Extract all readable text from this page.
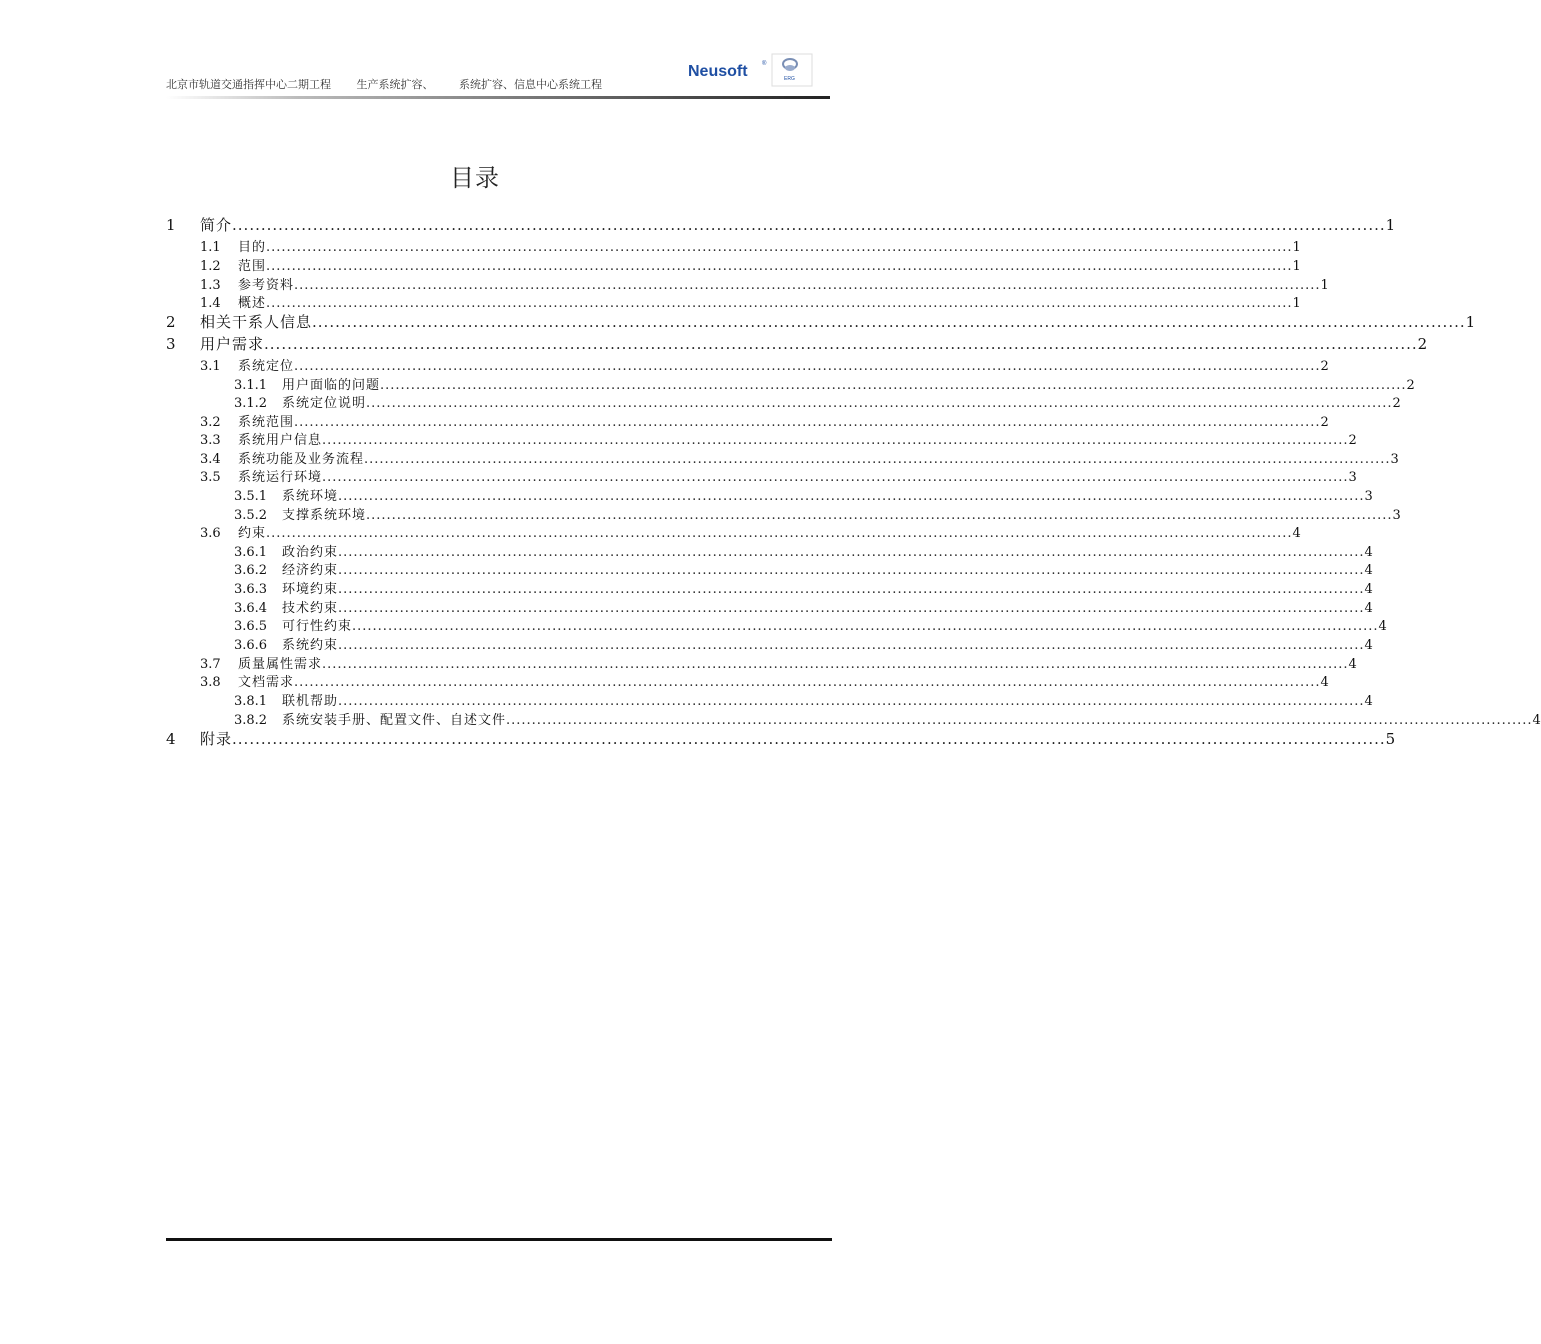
北京市轨道交通指挥中心二期工程 生产系统扩容、 系统扩容、信息中心系统工程
Neusoft ®
ERG
目录
1	简介 ........................................................................................................................................................................................................ 1
1.1	目的 ........................................................................................................................................................................................................ 1
1.2	范围 ........................................................................................................................................................................................................ 1
1.3	参考资料 ........................................................................................................................................................................................................ 1
1.4	概述 ........................................................................................................................................................................................................ 1
2	相关干系人信息 ........................................................................................................................................................................................................ 1
3	用户需求 ........................................................................................................................................................................................................ 2
3.1	系统定位 ........................................................................................................................................................................................................ 2
3.1.1	用户面临的问题 ........................................................................................................................................................................................................ 2
3.1.2	系统定位说明 ........................................................................................................................................................................................................ 2
3.2	系统范围 ........................................................................................................................................................................................................ 2
3.3	系统用户信息 ........................................................................................................................................................................................................ 2
3.4	系统功能及业务流程 ........................................................................................................................................................................................................ 3
3.5	系统运行环境 ........................................................................................................................................................................................................ 3
3.5.1	系统环境 ........................................................................................................................................................................................................ 3
3.5.2	支撑系统环境 ........................................................................................................................................................................................................ 3
3.6	约束 ........................................................................................................................................................................................................ 4
3.6.1	政治约束 ........................................................................................................................................................................................................ 4
3.6.2	经济约束 ........................................................................................................................................................................................................ 4
3.6.3	环境约束 ........................................................................................................................................................................................................ 4
3.6.4	技术约束 ........................................................................................................................................................................................................ 4
3.6.5	可行性约束 ........................................................................................................................................................................................................ 4
3.6.6	系统约束 ........................................................................................................................................................................................................ 4
3.7	质量属性需求 ........................................................................................................................................................................................................ 4
3.8	文档需求 ........................................................................................................................................................................................................ 4
3.8.1	联机帮助 ........................................................................................................................................................................................................ 4
3.8.2	系统安装手册、配置文件、自述文件 ........................................................................................................................................................................................................ 4
4	附录 ........................................................................................................................................................................................................ 5
